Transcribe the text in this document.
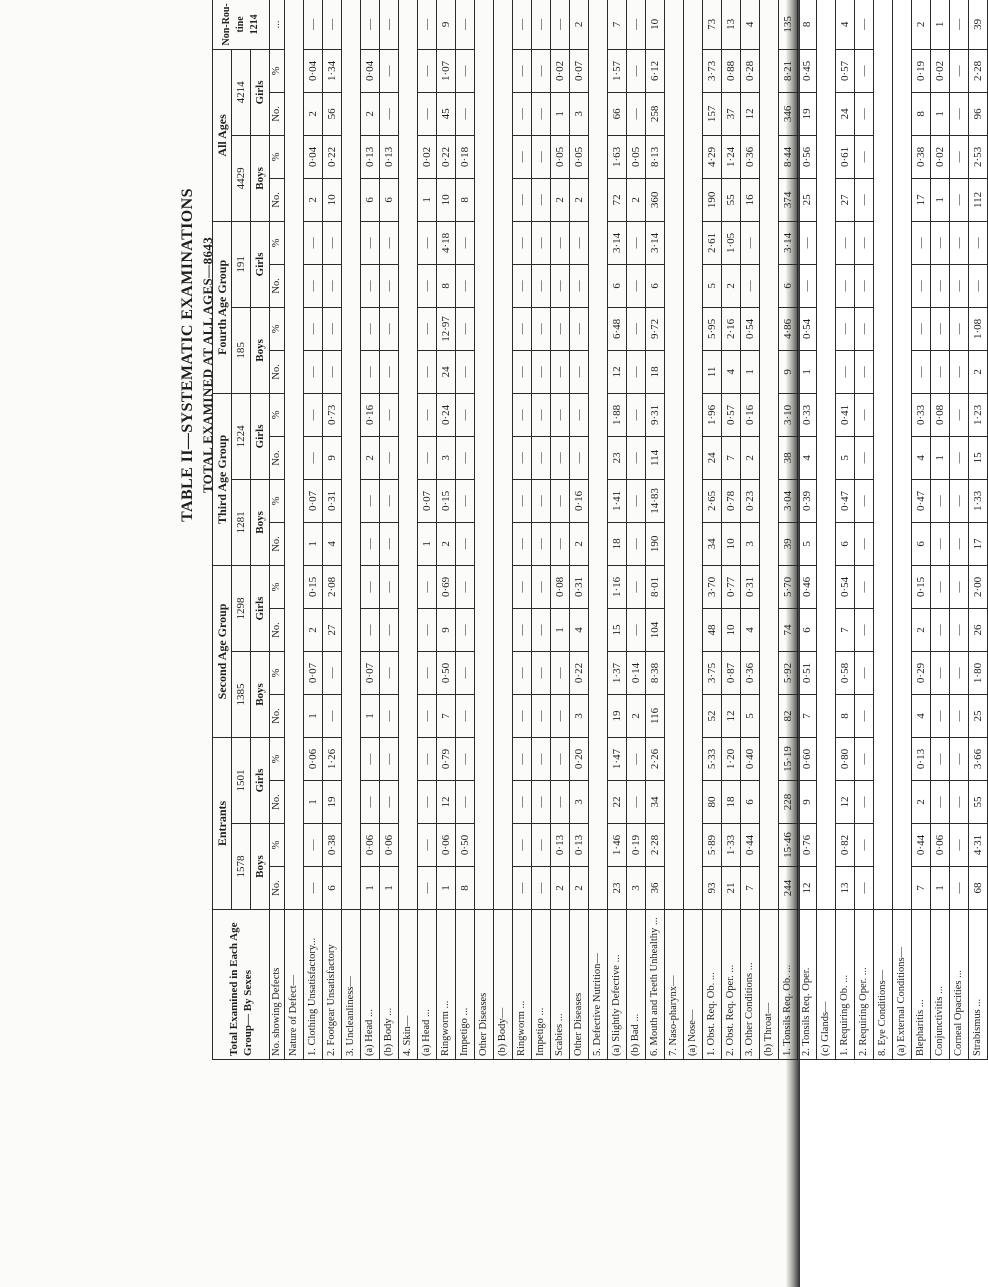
TABLE II—SYSTEMATIC EXAMINATIONS TOTAL EXAMINED AT ALL AGES—8643
Total Examined in Each Age Group— By Sexes	Entrants				Second Age Group				Third Age Group				Fourth Age Group				All Ages				Non-Rou-tine 1214
	1578		1501		1385		1298		1281		1224		185		191		4429		4214		
	Boys		Girls		Boys		Girls		Boys		Girls		Boys		Girls		Boys		Girls		
No. showing Defects	No.	%	No.	%	No.	%	No.	%	No.	%	No.	%	No.	%	No.	%	No.	%	No.	%	...
Nature of Defect—																					
1. Clothing Unsatisfactory...	—	—	1	0·06	1	0·07	2	0·15	1	0·07	—	—	—	—	—	—	2	0·04	2	0·04	—
2. Footgear Unsatisfactory	6	0·38	19	1·26	—	—	27	2·08	4	0·31	9	0·73	—	—	—	—	10	0·22	56	1·34	—
3. Uncleanliness—																					
(a) Head ...	1	0·06	—	—	1	0·07	—	—	—	—	2	0·16	—	—	—	—	6	0·13	2	0·04	—
(b) Body ...	1	0·06	—	—	—	—	—	—	—	—	—	—	—	—	—	—	6	0·13	—	—	—
4. Skin—																					
(a) Head ...	—	—	—	—	—	—	—	—	1	0·07	—	—	—	—	—	—	1	0·02	—	—	—
Ringworm ...	1	0·06	12	0·79	7	0·50	9	0·69	2	0·15	3	0·24	24	12·97	8	4·18	10	0·22	45	1·07	9
Impetigo ...	8	0·50	—	—	—	—	—	—	—	—	—	—	—	—	—	—	8	0·18	—	—	—
Other Diseases																					
(b) Body—																					
Ringworm ...	—	—	—	—	—	—	—	—	—	—	—	—	—	—	—	—	—	—	—	—	—
Impetigo ...	—	—	—	—	—	—	—	—	—	—	—	—	—	—	—	—	—	—	—	—	—
Scabies ...	2	0·13	—	—	—	—	1	0·08	—	—	—	—	—	—	—	—	2	0·05	1	0·02	—
Other Diseases	2	0·13	3	0·20	3	0·22	4	0·31	2	0·16	—	—	—	—	—	—	2	0·05	3	0·07	2
5. Defective Nutrition—																					
(a) Slightly Defective ...	23	1·46	22	1·47	19	1·37	15	1·16	18	1·41	23	1·88	12	6·48	6	3·14	72	1·63	66	1·57	7
(b) Bad ...	3	0·19	—	—	2	0·14	—	—	—	—	—	—	—	—	—	—	2	0·05	—	—	—
6. Mouth and Teeth Unhealthy ...	36	2·28	34	2·26	116	8·38	104	8·01	190	14·83	114	9·31	18	9·72	6	3·14	360	8·13	258	6·12	10
7. Naso-pharynx—																					
(a) Nose—																					
1. Obst. Req. Ob. ...	93	5·89	80	5·33	52	3·75	48	3·70	34	2·65	24	1·96	11	5·95	5	2·61	190	4·29	157	3·73	73
2. Obst. Req. Oper. ...	21	1·33	18	1·20	12	0·87	10	0·77	10	0·78	7	0·57	4	2·16	2	1·05	55	1·24	37	0·88	13
3. Other Conditions ...	7	0·44	6	0·40	5	0·36	4	0·31	3	0·23	2	0·16	1	0·54	—	—	16	0·36	12	0·28	4
(b) Throat—																					
1. Tonsils Req. Ob. ...	244	15·46	228	15·19	82	5·92	74	5·70	39	3·04	38	3·10	9	4·86	6	3·14	374	8·44	346	8·21	135
2. Tonsils Req. Oper.	12	0·76	9	0·60	7	0·51	6	0·46	5	0·39	4	0·33	1	0·54	—	—	25	0·56	19	0·45	8
(c) Glands—																					
1. Requiring Ob. ...	13	0·82	12	0·80	8	0·58	7	0·54	6	0·47	5	0·41	—	—	—	—	27	0·61	24	0·57	4
2. Requiring Oper. ...	—	—	—	—	—	—	—	—	—	—	—	—	—	—	—	—	—	—	—	—	—
8. Eye Conditions—																					
(a) External Conditions—																					
Blepharitis ...	7	0·44	2	0·13	4	0·29	2	0·15	6	0·47	4	0·33	—	—	—	—	17	0·38	8	0·19	2
Conjunctivitis ...	1	0·06	—	—	—	—	—	—	—	—	1	0·08	—	—	—	—	1	0·02	1	0·02	1
Corneal Opacities ...	—	—	—	—	—	—	—	—	—	—	—	—	—	—	—	—	—	—	—	—	—
Strabismus ...	68	4·31	55	3·66	25	1·80	26	2·00	17	1·33	15	1·23	2	1·08	—	—	112	2·53	96	2·28	39
